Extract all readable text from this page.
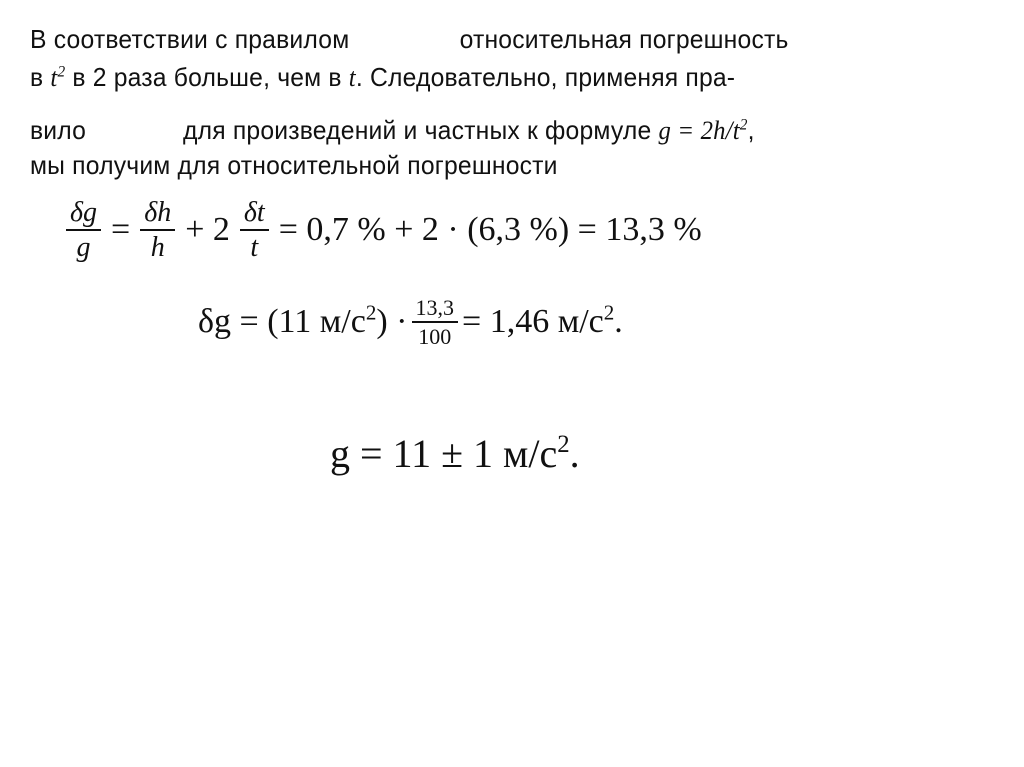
В соответствии с правилом	относительная погрешность
в $t^2$ в 2 раза больше, чем в t. Следовательно, применяя пра-
вило	для произведений и частных к формуле $g = 2h/t^2$,
мы получим для относительной погрешности
$\frac{\delta g}{g} = \frac{\delta h}{h} + 2 \frac{\delta t}{t} = 0,7$ % + 2 · (6,3 %) = 13,3 %
δg = (11 $м/с^2) \cdot \frac{13,3}{100} = 1,46$ $м/с^2$.
g = 11 ± 1 $м/с^2$.
